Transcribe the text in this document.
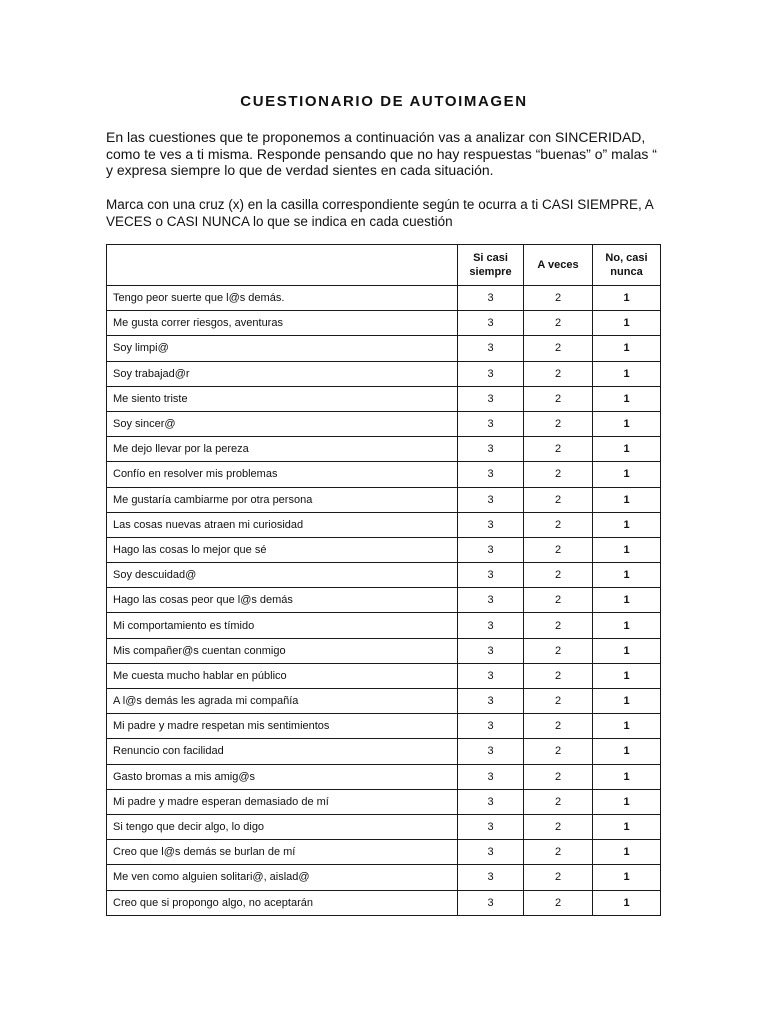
CUESTIONARIO DE AUTOIMAGEN

En las cuestiones que te proponemos a continuación vas a analizar con SINCERIDAD, como te ves a ti misma. Responde pensando que no hay respuestas “buenas” o” malas “ y expresa siempre lo que de verdad sientes en cada situación.

Marca con una cruz (x) en la casilla correspondiente según te ocurra a ti CASI SIEMPRE, A VECES o CASI NUNCA lo que se indica en cada cuestión

	Si casi siempre	A veces	No, casi nunca
Tengo peor suerte que l@s demás.	3	2	1
Me gusta correr riesgos, aventuras	3	2	1
Soy limpi@	3	2	1
Soy trabajad@r	3	2	1
Me siento triste	3	2	1
Soy sincer@	3	2	1
Me dejo llevar por la pereza	3	2	1
Confío en resolver mis problemas	3	2	1
Me gustaría cambiarme por otra persona	3	2	1
Las cosas nuevas atraen mi curiosidad	3	2	1
Hago las cosas lo mejor que sé	3	2	1
Soy descuidad@	3	2	1
Hago las cosas peor que l@s demás	3	2	1
Mi comportamiento es tímido	3	2	1
Mis compañer@s cuentan conmigo	3	2	1
Me cuesta mucho hablar en público	3	2	1
A l@s demás les agrada mi compañía	3	2	1
Mi padre y madre respetan mis sentimientos	3	2	1
Renuncio con facilidad	3	2	1
Gasto bromas a mis amig@s	3	2	1
Mi padre y madre esperan demasiado de mí	3	2	1
Si tengo que decir algo, lo digo	3	2	1
Creo que l@s demás se burlan de mí	3	2	1
Me ven como alguien solitari@, aislad@	3	2	1
Creo que si propongo algo, no aceptarán	3	2	1
